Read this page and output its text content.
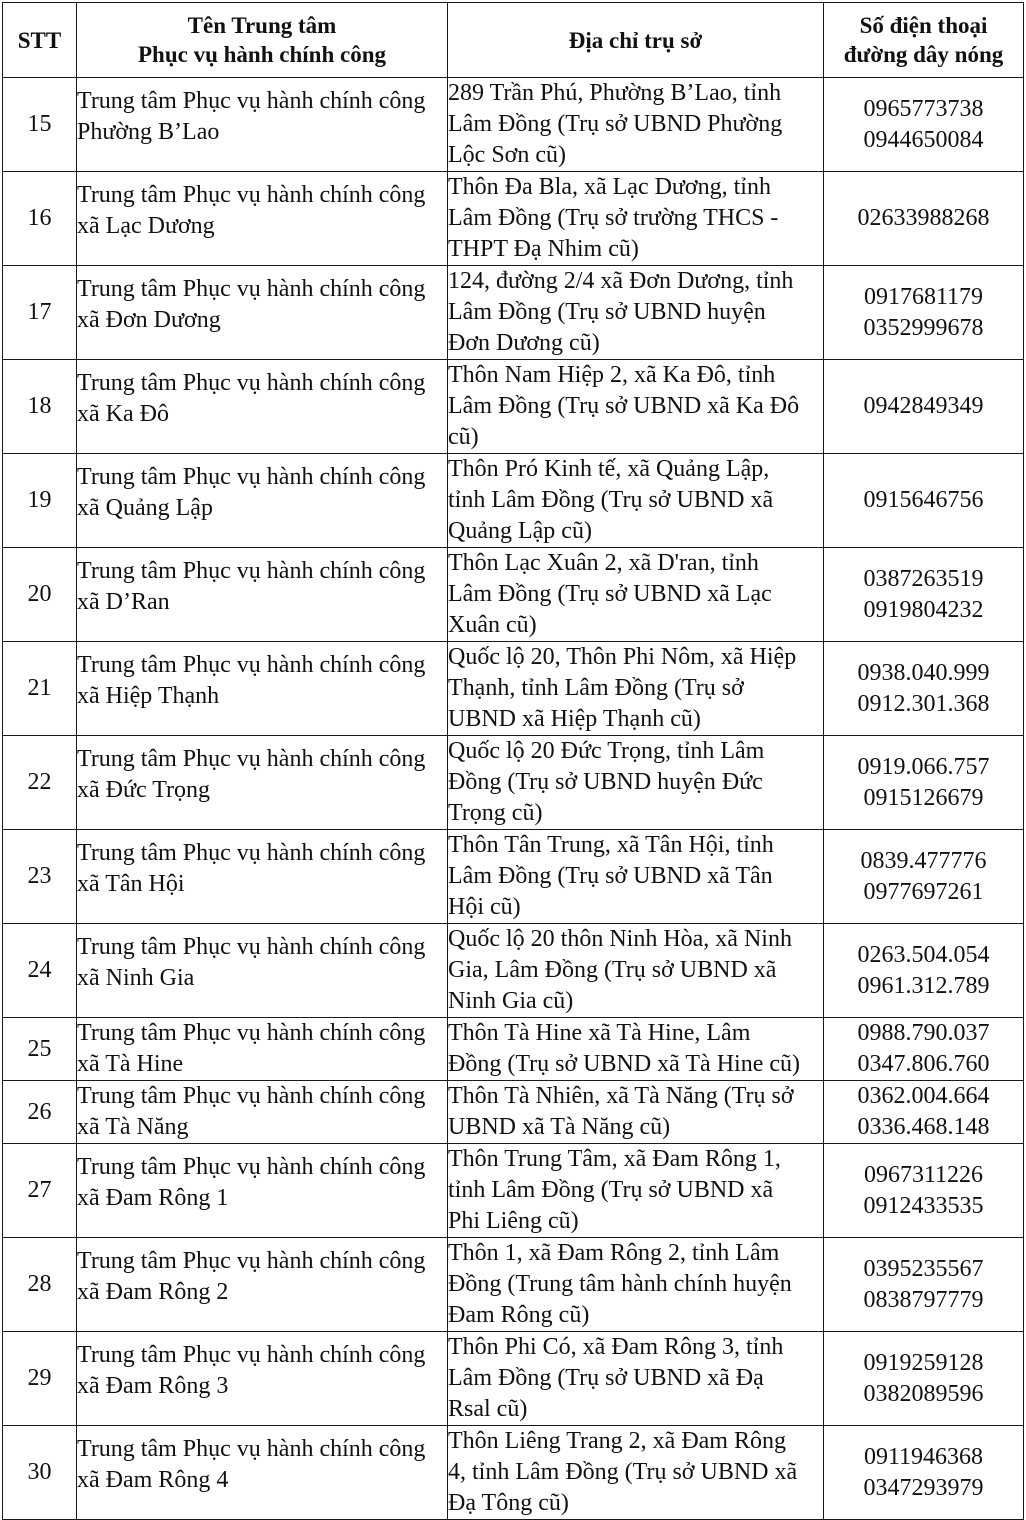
STT	Tên Trung tâm
Phục vụ hành chính công	Địa chỉ trụ sở	Số điện thoại
đường dây nóng

15	Trung tâm Phục vụ hành chính công
Phường B’Lao	289 Trần Phú, Phường B’Lao, tỉnh
Lâm Đồng (Trụ sở UBND Phường
Lộc Sơn cũ)	0965773738
0944650084

16	Trung tâm Phục vụ hành chính công
xã Lạc Dương	Thôn Đa Bla, xã Lạc Dương, tỉnh
Lâm Đồng (Trụ sở trường THCS -
THPT Đạ Nhim cũ)	02633988268

17	Trung tâm Phục vụ hành chính công
xã Đơn Dương	124, đường 2/4 xã Đơn Dương, tỉnh
Lâm Đồng (Trụ sở UBND huyện
Đơn Dương cũ)	0917681179
0352999678

18	Trung tâm Phục vụ hành chính công
xã Ka Đô	Thôn Nam Hiệp 2, xã Ka Đô, tỉnh
Lâm Đồng (Trụ sở UBND xã Ka Đô
cũ)	0942849349

19	Trung tâm Phục vụ hành chính công
xã Quảng Lập	Thôn Pró Kinh tế, xã Quảng Lập,
tỉnh Lâm Đồng (Trụ sở UBND xã
Quảng Lập cũ)	0915646756

20	Trung tâm Phục vụ hành chính công
xã D’Ran	Thôn Lạc Xuân 2, xã D'ran, tỉnh
Lâm Đồng (Trụ sở UBND xã Lạc
Xuân cũ)	0387263519
0919804232

21	Trung tâm Phục vụ hành chính công
xã Hiệp Thạnh	Quốc lộ 20, Thôn Phi Nôm, xã Hiệp
Thạnh, tỉnh Lâm Đồng (Trụ sở
UBND xã Hiệp Thạnh cũ)	0938.040.999
0912.301.368

22	Trung tâm Phục vụ hành chính công
xã Đức Trọng	Quốc lộ 20 Đức Trọng, tỉnh Lâm
Đồng (Trụ sở UBND huyện Đức
Trọng cũ)	0919.066.757
0915126679

23	Trung tâm Phục vụ hành chính công
xã Tân Hội	Thôn Tân Trung, xã Tân Hội, tỉnh
Lâm Đồng (Trụ sở UBND xã Tân
Hội cũ)	0839.477776
0977697261

24	Trung tâm Phục vụ hành chính công
xã Ninh Gia	Quốc lộ 20 thôn Ninh Hòa, xã Ninh
Gia, Lâm Đồng (Trụ sở UBND xã
Ninh Gia cũ)	0263.504.054
0961.312.789

25	Trung tâm Phục vụ hành chính công
xã Tà Hine	Thôn Tà Hine xã Tà Hine, Lâm
Đồng (Trụ sở UBND xã Tà Hine cũ)	0988.790.037
0347.806.760

26	Trung tâm Phục vụ hành chính công
xã Tà Năng	Thôn Tà Nhiên, xã Tà Năng (Trụ sở
UBND xã Tà Năng cũ)	0362.004.664
0336.468.148

27	Trung tâm Phục vụ hành chính công
xã Đam Rông 1	Thôn Trung Tâm, xã Đam Rông 1,
tỉnh Lâm Đồng (Trụ sở UBND xã
Phi Liêng cũ)	0967311226
0912433535

28	Trung tâm Phục vụ hành chính công
xã Đam Rông 2	Thôn 1, xã Đam Rông 2, tỉnh Lâm
Đồng (Trung tâm hành chính huyện
Đam Rông cũ)	0395235567
0838797779

29	Trung tâm Phục vụ hành chính công
xã Đam Rông 3	Thôn Phi Có, xã Đam Rông 3, tỉnh
Lâm Đồng (Trụ sở UBND xã Đạ
Rsal cũ)	0919259128
0382089596

30	Trung tâm Phục vụ hành chính công
xã Đam Rông 4	Thôn Liêng Trang 2, xã Đam Rông
4, tỉnh Lâm Đồng (Trụ sở UBND xã
Đạ Tông cũ)	0911946368
0347293979
